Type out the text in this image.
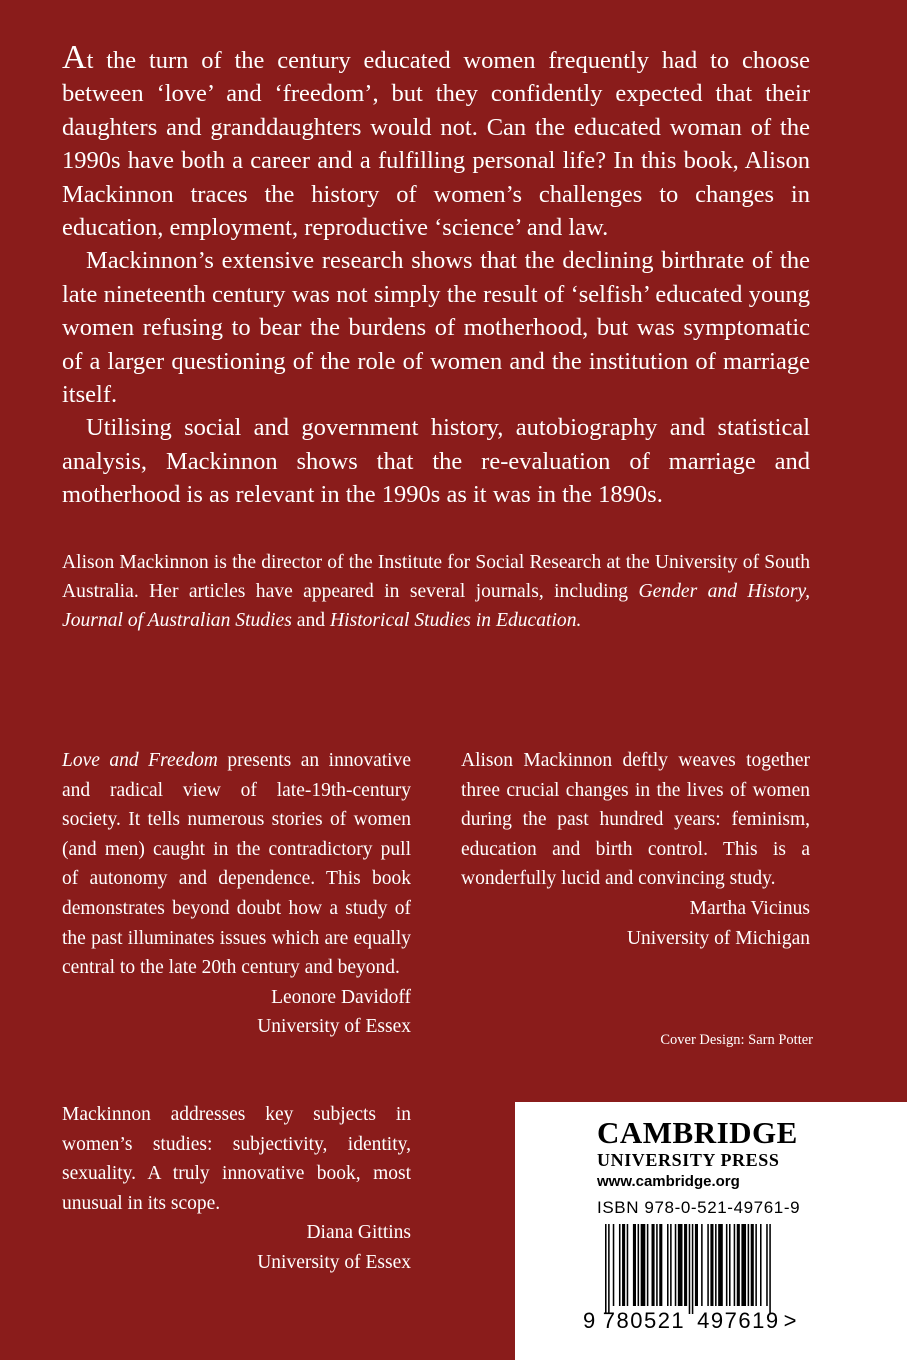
At the turn of the century educated women frequently had to choose between ‘love’ and ‘freedom’, but they confidently expected that their daughters and granddaughters would not. Can the educated woman of the 1990s have both a career and a fulfilling personal life? In this book, Alison Mackinnon traces the history of women’s challenges to changes in education, employment, reproductive ‘science’ and law.

Mackinnon’s extensive research shows that the declining birthrate of the late nineteenth century was not simply the result of ‘selfish’ educated young women refusing to bear the burdens of motherhood, but was symptomatic of a larger questioning of the role of women and the institution of marriage itself.

Utilising social and government history, autobiography and statistical analysis, Mackinnon shows that the re-evaluation of marriage and motherhood is as relevant in the 1990s as it was in the 1890s.

Alison Mackinnon is the director of the Institute for Social Research at the University of South Australia. Her articles have appeared in several journals, including Gender and History, Journal of Australian Studies and Historical Studies in Education.

Love and Freedom presents an innovative and radical view of late-19th-century society. It tells numerous stories of women (and men) caught in the contradictory pull of autonomy and dependence. This book demonstrates beyond doubt how a study of the past illuminates issues which are equally central to the late 20th century and beyond.

Leonore Davidoff
University of Essex

Alison Mackinnon deftly weaves together three crucial changes in the lives of women during the past hundred years: feminism, education and birth control. This is a wonderfully lucid and convincing study.

Martha Vicinus
University of Michigan

Mackinnon addresses key subjects in women’s studies: subjectivity, identity, sexuality. A truly innovative book, most unusual in its scope.

Diana Gittins
University of Essex
Cover Design: Sarn Potter
CAMBRIDGE
UNIVERSITY PRESS
www.cambridge.org
ISBN 978-0-521-49761-9
9 780521 497619 >
